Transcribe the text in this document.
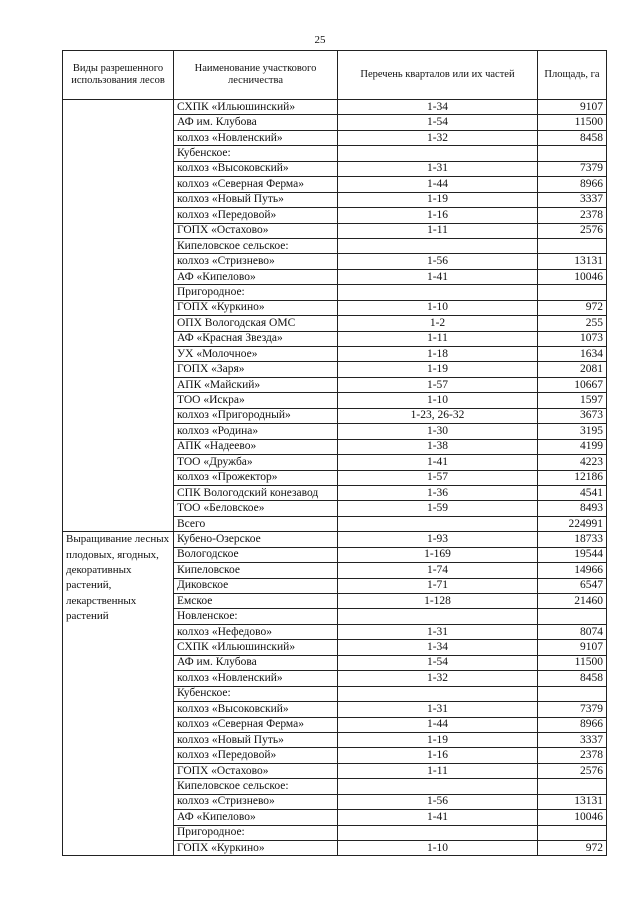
25
Виды разрешенного использования лесов	Наименование участкового лесничества	Перечень кварталов или их частей	Площадь, га
	СХПК «Ильюшинский»	1-34	9107
	АФ им. Клубова	1-54	11500
	колхоз «Новленский»	1-32	8458
	Кубенское:		
	колхоз «Высоковский»	1-31	7379
	колхоз «Северная Ферма»	1-44	8966
	колхоз «Новый Путь»	1-19	3337
	колхоз «Передовой»	1-16	2378
	ГОПХ «Остахово»	1-11	2576
	Кипеловское сельское:		
	колхоз «Стризнево»	1-56	13131
	АФ «Кипелово»	1-41	10046
	Пригородное:		
	ГОПХ «Куркино»	1-10	972
	ОПХ Вологодская ОМС	1-2	255
	АФ «Красная Звезда»	1-11	1073
	УХ «Молочное»	1-18	1634
	ГОПХ «Заря»	1-19	2081
	АПК «Майский»	1-57	10667
	ТОО «Искра»	1-10	1597
	колхоз «Пригородный»	1-23, 26-32	3673
	колхоз «Родина»	1-30	3195
	АПК «Надеево»	1-38	4199
	ТОО «Дружба»	1-41	4223
	колхоз «Прожектор»	1-57	12186
	СПК Вологодский конезавод	1-36	4541
	ТОО «Беловское»	1-59	8493
	Всего		224991
Выращивание лесных плодовых, ягодных, декоративных растений, лекарственных растений	Кубено-Озерское	1-93	18733
	Вологодское	1-169	19544
	Кипеловское	1-74	14966
	Диковское	1-71	6547
	Емское	1-128	21460
	Новленское:		
	колхоз «Нефедово»	1-31	8074
	СХПК «Ильюшинский»	1-34	9107
	АФ им. Клубова	1-54	11500
	колхоз «Новленский»	1-32	8458
	Кубенское:		
	колхоз «Высоковский»	1-31	7379
	колхоз «Северная Ферма»	1-44	8966
	колхоз «Новый Путь»	1-19	3337
	колхоз «Передовой»	1-16	2378
	ГОПХ «Остахово»	1-11	2576
	Кипеловское сельское:		
	колхоз «Стризнево»	1-56	13131
	АФ «Кипелово»	1-41	10046
	Пригородное:		
	ГОПХ «Куркино»	1-10	972
